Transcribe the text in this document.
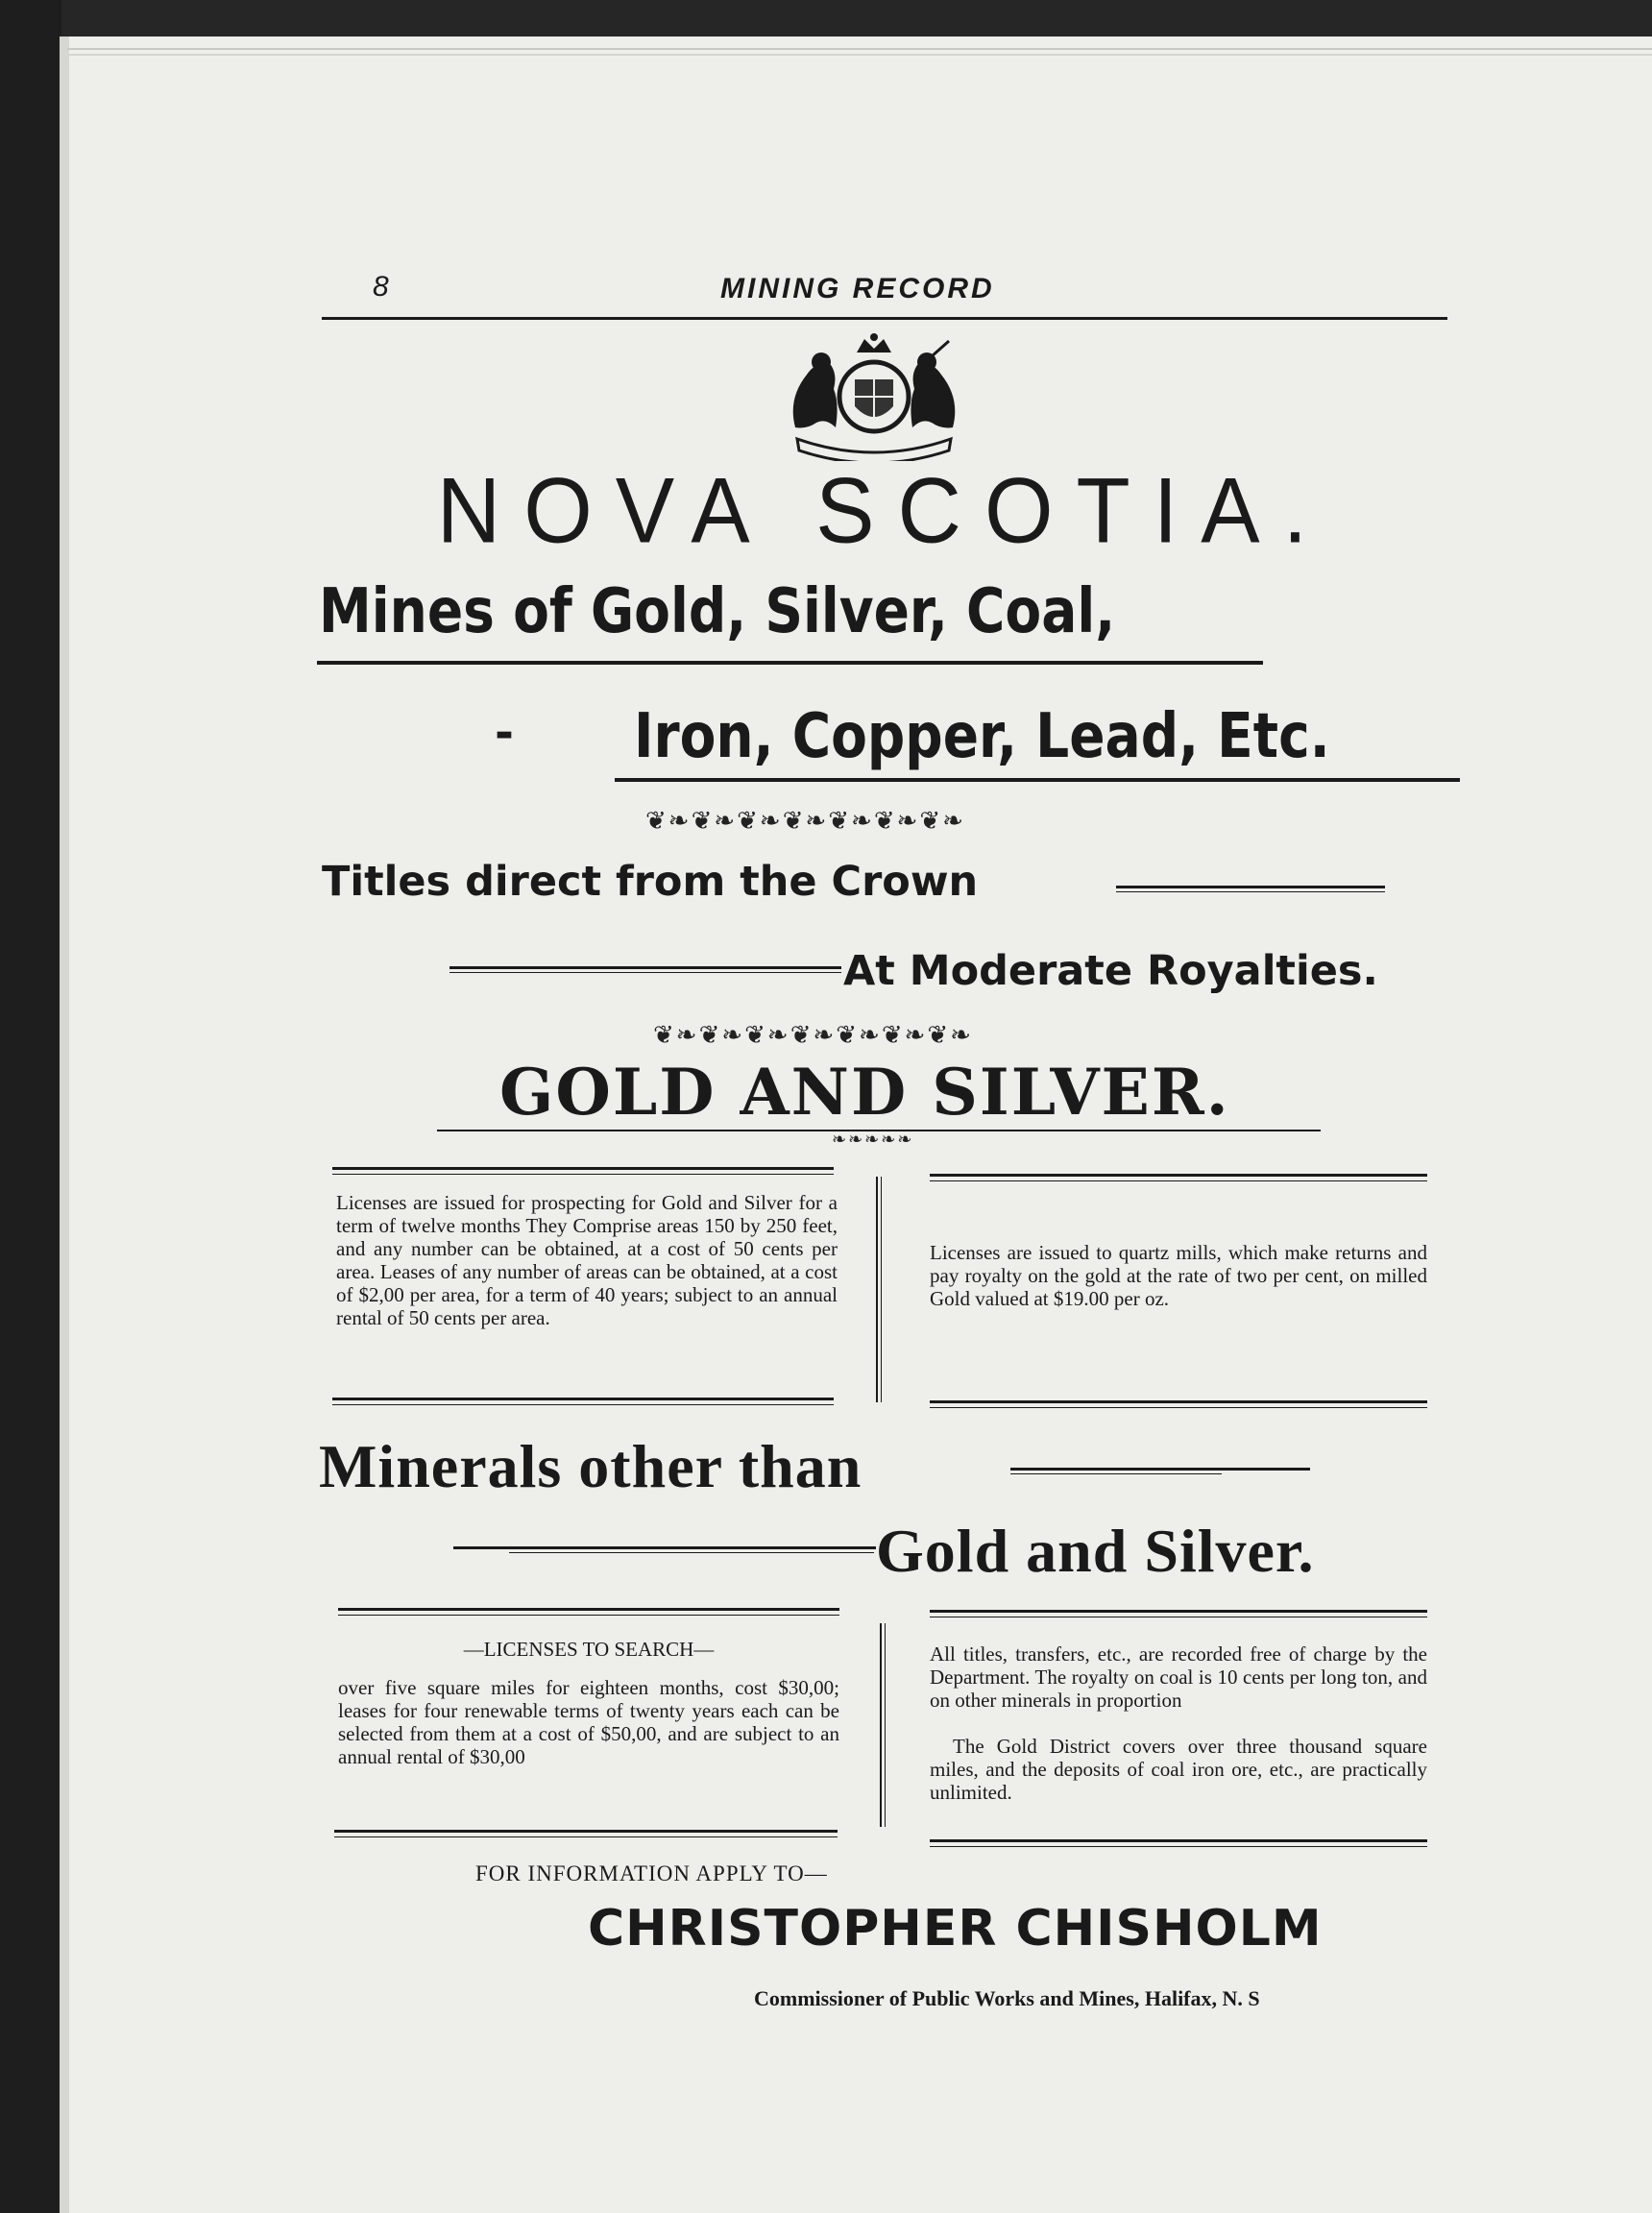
8	MINING RECORD
NOVA SCOTIA.
Mines of Gold, Silver, Coal,
- Iron, Copper, Lead, Etc.
❦❧❦❧❦❧❦❧❦❧❦❧❦❧
Titles direct from the Crown
At Moderate Royalties.
❦❧❦❧❦❧❦❧❦❧❦❧❦❧
GOLD AND SILVER.
❧❧❧❧❧
Licenses are issued for prospecting for Gold and Silver for a term of twelve months They Comprise areas 150 by 250 feet, and any number can be obtained, at a cost of 50 cents per area. Leases of any number of areas can be obtained, at a cost of $2,00 per area, for a term of 40 years; subject to an annual rental of 50 cents per area.
Licenses are issued to quartz mills, which make returns and pay royalty on the gold at the rate of two per cent, on milled Gold valued at $19.00 per oz.
Minerals other than
Gold and Silver.
—LICENSES TO SEARCH—
over five square miles for eighteen months, cost $30,00; leases for four renewable terms of twenty years each can be selected from them at a cost of $50,00, and are subject to an annual rental of $30,00
All titles, transfers, etc., are recorded free of charge by the Department. The royalty on coal is 10 cents per long ton, and on other minerals in proportion
The Gold District covers over three thousand square miles, and the deposits of coal iron ore, etc., are practically unlimited.
FOR INFORMATION APPLY TO—
CHRISTOPHER CHISHOLM
Commissioner of Public Works and Mines, Halifax, N. S
